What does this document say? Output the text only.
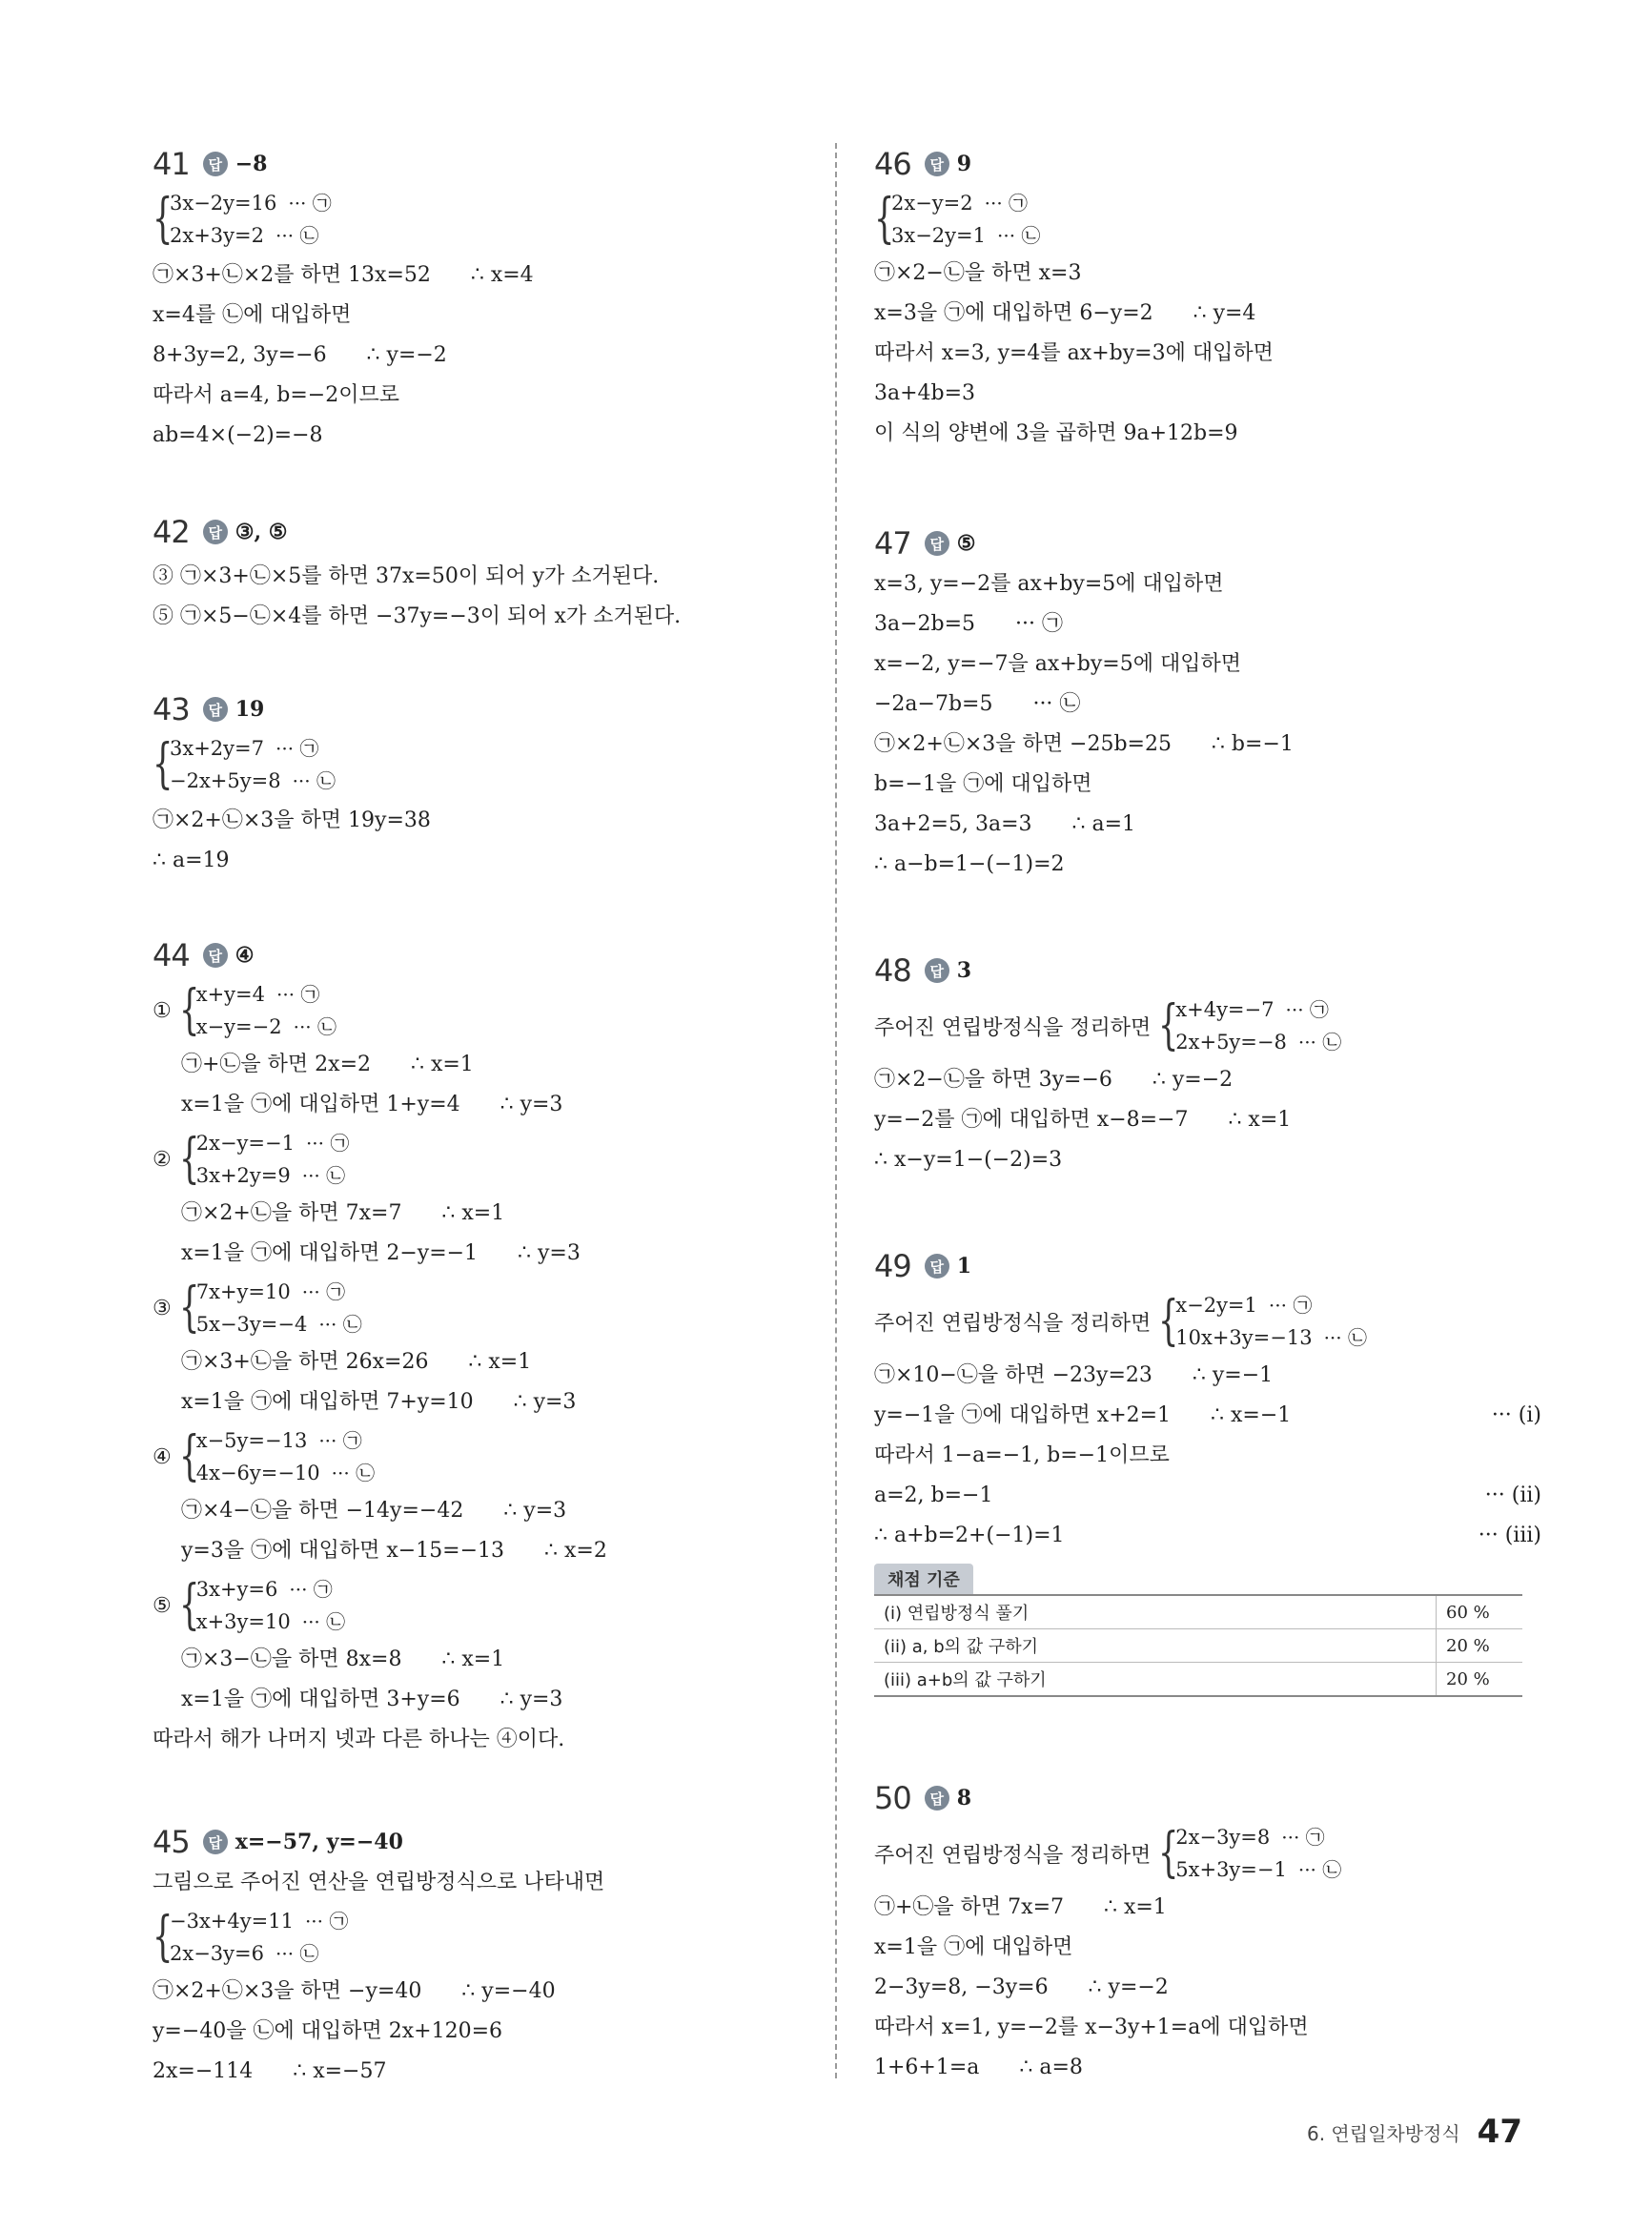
41	답 −8
{
3x−2y=16 ··· ㉠
2x+3y=2 ··· ㉡
㉠×3+㉡×2를 하면 13x=52      ∴ x=4
x=4를 ㉡에 대입하면
8+3y=2, 3y=−6      ∴ y=−2
따라서 a=4, b=−2이므로
ab=4×(−2)=−8
42	답 ③, ⑤
③ ㉠×3+㉡×5를 하면 37x=50이 되어 y가 소거된다.
⑤ ㉠×5−㉡×4를 하면 −37y=−3이 되어 x가 소거된다.
43	답 19
{
3x+2y=7 ··· ㉠
−2x+5y=8 ··· ㉡
㉠×2+㉡×3을 하면 19y=38
∴ a=19
44	답 ④
① {
x+y=4 ··· ㉠
x−y=−2 ··· ㉡
㉠+㉡을 하면 2x=2      ∴ x=1
x=1을 ㉠에 대입하면 1+y=4      ∴ y=3
② {
2x−y=−1 ··· ㉠
3x+2y=9 ··· ㉡
㉠×2+㉡을 하면 7x=7      ∴ x=1
x=1을 ㉠에 대입하면 2−y=−1      ∴ y=3
③ {
7x+y=10 ··· ㉠
5x−3y=−4 ··· ㉡
㉠×3+㉡을 하면 26x=26      ∴ x=1
x=1을 ㉠에 대입하면 7+y=10      ∴ y=3
④ {
x−5y=−13 ··· ㉠
4x−6y=−10 ··· ㉡
㉠×4−㉡을 하면 −14y=−42      ∴ y=3
y=3을 ㉠에 대입하면 x−15=−13      ∴ x=2
⑤ {
3x+y=6 ··· ㉠
x+3y=10 ··· ㉡
㉠×3−㉡을 하면 8x=8      ∴ x=1
x=1을 ㉠에 대입하면 3+y=6      ∴ y=3
따라서 해가 나머지 넷과 다른 하나는 ④이다.
45	답 x=−57, y=−40
그림으로 주어진 연산을 연립방정식으로 나타내면
{
−3x+4y=11 ··· ㉠
2x−3y=6 ··· ㉡
㉠×2+㉡×3을 하면 −y=40      ∴ y=−40
y=−40을 ㉡에 대입하면 2x+120=6
2x=−114      ∴ x=−57
46	답 9
{
2x−y=2 ··· ㉠
3x−2y=1 ··· ㉡
㉠×2−㉡을 하면 x=3
x=3을 ㉠에 대입하면 6−y=2      ∴ y=4
따라서 x=3, y=4를 ax+by=3에 대입하면
3a+4b=3
이 식의 양변에 3을 곱하면 9a+12b=9
47	답 ⑤
x=3, y=−2를 ax+by=5에 대입하면
3a−2b=5      ··· ㉠
x=−2, y=−7을 ax+by=5에 대입하면
−2a−7b=5      ··· ㉡
㉠×2+㉡×3을 하면 −25b=25      ∴ b=−1
b=−1을 ㉠에 대입하면
3a+2=5, 3a=3      ∴ a=1
∴ a−b=1−(−1)=2
48	답 3
주어진 연립방정식을 정리하면 {
x+4y=−7 ··· ㉠
2x+5y=−8 ··· ㉡
㉠×2−㉡을 하면 3y=−6      ∴ y=−2
y=−2를 ㉠에 대입하면 x−8=−7      ∴ x=1
∴ x−y=1−(−2)=3
49	답 1
주어진 연립방정식을 정리하면 {
x−2y=1 ··· ㉠
10x+3y=−13 ··· ㉡
㉠×10−㉡을 하면 −23y=23      ∴ y=−1
y=−1을 ㉠에 대입하면 x+2=1      ∴ x=−1	··· (i)
따라서 1−a=−1, b=−1이므로
a=2, b=−1	··· (ii)
∴ a+b=2+(−1)=1	··· (iii)
채점 기준
(i) 연립방정식 풀기	60 %
(ii) a, b의 값 구하기	20 %
(iii) a+b의 값 구하기	20 %
50	답 8
주어진 연립방정식을 정리하면 {
2x−3y=8 ··· ㉠
5x+3y=−1 ··· ㉡
㉠+㉡을 하면 7x=7      ∴ x=1
x=1을 ㉠에 대입하면
2−3y=8, −3y=6      ∴ y=−2
따라서 x=1, y=−2를 x−3y+1=a에 대입하면
1+6+1=a      ∴ a=8
6. 연립일차방정식 47
